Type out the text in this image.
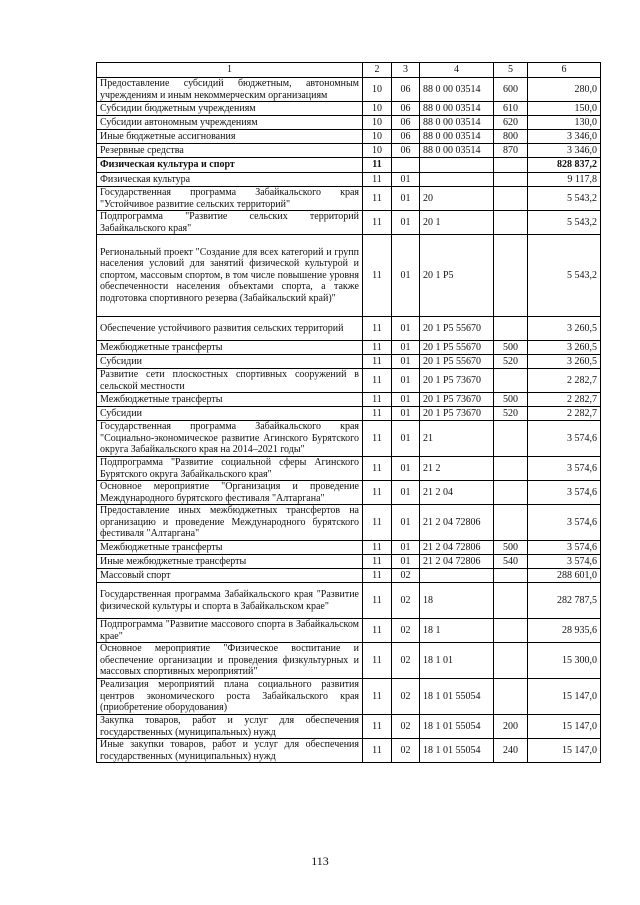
1	2	3	4	5	6
Предоставление субсидий бюджетным, автономным учреждениям и иным некоммерческим организациям	10	06	88 0 00 03514	600	280,0
Субсидии бюджетным учреждениям	10	06	88 0 00 03514	610	150,0
Субсидии автономным учреждениям	10	06	88 0 00 03514	620	130,0
Иные бюджетные ассигнования	10	06	88 0 00 03514	800	3 346,0
Резервные средства	10	06	88 0 00 03514	870	3 346,0
Физическая культура и спорт	11				828 837,2
Физическая культура	11	01			9 117,8
Государственная программа Забайкальского края "Устойчивое развитие сельских территорий"	11	01	20		5 543,2
Подпрограмма "Развитие сельских территорий Забайкальского края"	11	01	20 1		5 543,2
Региональный проект "Создание для всех категорий и групп населения условий для занятий физической культурой и спортом, массовым спортом, в том числе повышение уровня обеспеченности населения объектами спорта, а также подготовка спортивного резерва (Забайкальский край)"	11	01	20 1 P5		5 543,2
Обеспечение устойчивого развития сельских территорий	11	01	20 1 P5 55670		3 260,5
Межбюджетные трансферты	11	01	20 1 P5 55670	500	3 260,5
Субсидии	11	01	20 1 P5 55670	520	3 260,5
Развитие сети плоскостных спортивных сооружений в сельской местности	11	01	20 1 P5 73670		2 282,7
Межбюджетные трансферты	11	01	20 1 P5 73670	500	2 282,7
Субсидии	11	01	20 1 P5 73670	520	2 282,7
Государственная программа Забайкальского края "Социально-экономическое развитие Агинского Бурятского округа Забайкальского края на 2014–2021 годы"	11	01	21		3 574,6
Подпрограмма "Развитие социальной сферы Агинского Бурятского округа Забайкальского края"	11	01	21 2		3 574,6
Основное мероприятие "Организация и проведение Международного бурятского фестиваля "Алтаргана"	11	01	21 2 04		3 574,6
Предоставление иных межбюджетных трансфертов на организацию и проведение Международного бурятского фестиваля "Алтаргана"	11	01	21 2 04 72806		3 574,6
Межбюджетные трансферты	11	01	21 2 04 72806	500	3 574,6
Иные межбюджетные трансферты	11	01	21 2 04 72806	540	3 574,6
Массовый спорт	11	02			288 601,0
Государственная программа Забайкальского края "Развитие физической культуры и спорта в Забайкальском крае"	11	02	18		282 787,5
Подпрограмма "Развитие массового спорта в Забайкальском крае"	11	02	18 1		28 935,6
Основное мероприятие "Физическое воспитание и обеспечение организации и проведения физкультурных и массовых спортивных мероприятий"	11	02	18 1 01		15 300,0
Реализация мероприятий плана социального развития центров экономического роста Забайкальского края (приобретение оборудования)	11	02	18 1 01 55054		15 147,0
Закупка товаров, работ и услуг для обеспечения государственных (муниципальных) нужд	11	02	18 1 01 55054	200	15 147,0
Иные закупки товаров, работ и услуг для обеспечения государственных (муниципальных) нужд	11	02	18 1 01 55054	240	15 147,0
113
